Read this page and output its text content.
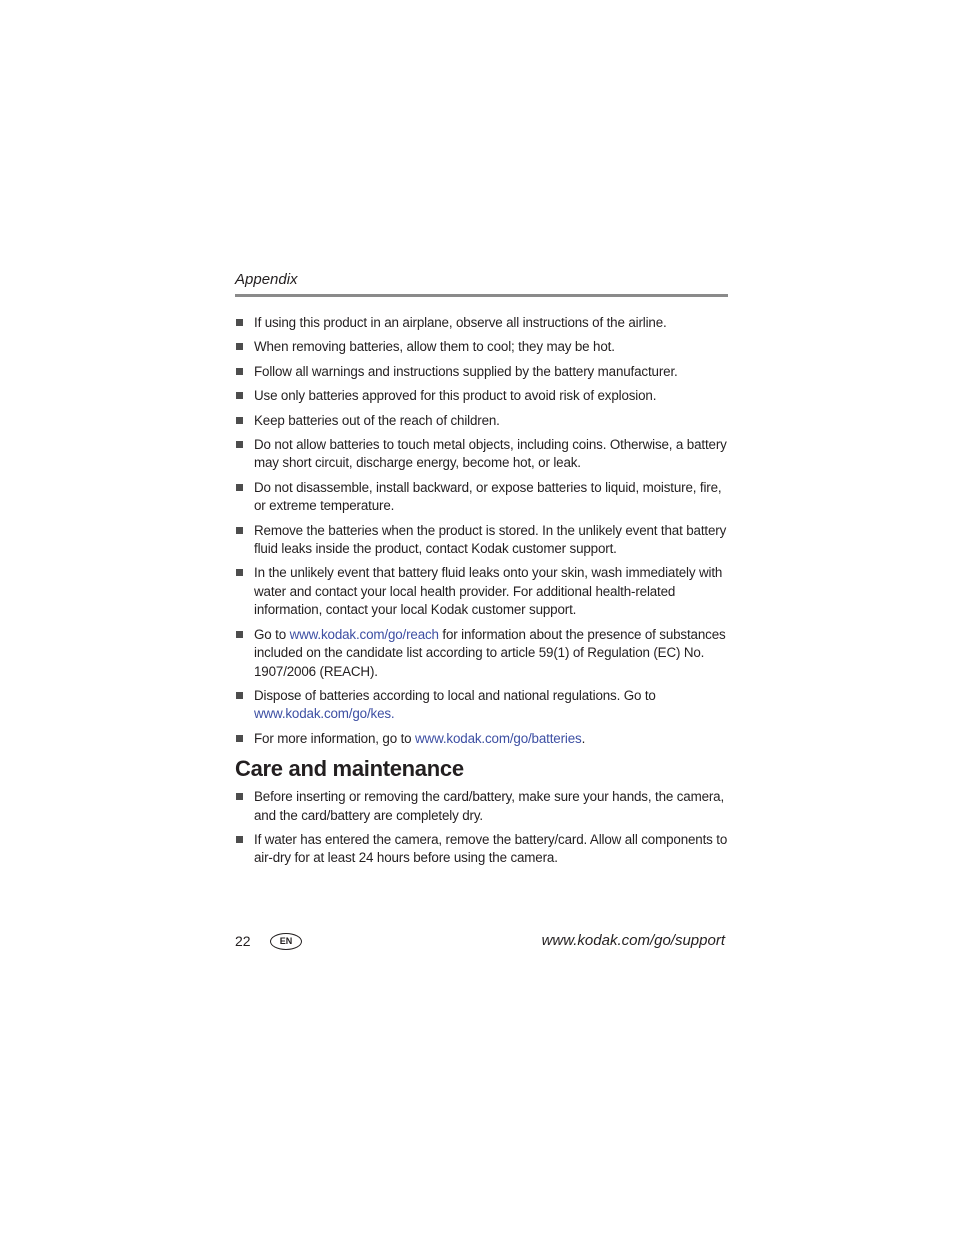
Appendix

If using this product in an airplane, observe all instructions of the airline.
When removing batteries, allow them to cool; they may be hot.
Follow all warnings and instructions supplied by the battery manufacturer.
Use only batteries approved for this product to avoid risk of explosion.
Keep batteries out of the reach of children.
Do not allow batteries to touch metal objects, including coins. Otherwise, a battery may short circuit, discharge energy, become hot, or leak.
Do not disassemble, install backward, or expose batteries to liquid, moisture, fire, or extreme temperature.
Remove the batteries when the product is stored. In the unlikely event that battery fluid leaks inside the product, contact Kodak customer support.
In the unlikely event that battery fluid leaks onto your skin, wash immediately with water and contact your local health provider. For additional health-related information, contact your local Kodak customer support.
Go to www.kodak.com/go/reach for information about the presence of substances included on the candidate list according to article 59(1) of Regulation (EC) No. 1907/2006 (REACH).
Dispose of batteries according to local and national regulations. Go to www.kodak.com/go/kes.
For more information, go to www.kodak.com/go/batteries.
Care and maintenance
Before inserting or removing the card/battery, make sure your hands, the camera, and the card/battery are completely dry.
If water has entered the camera, remove the battery/card. Allow all components to air-dry for at least 24 hours before using the camera.
22	EN	www.kodak.com/go/support
